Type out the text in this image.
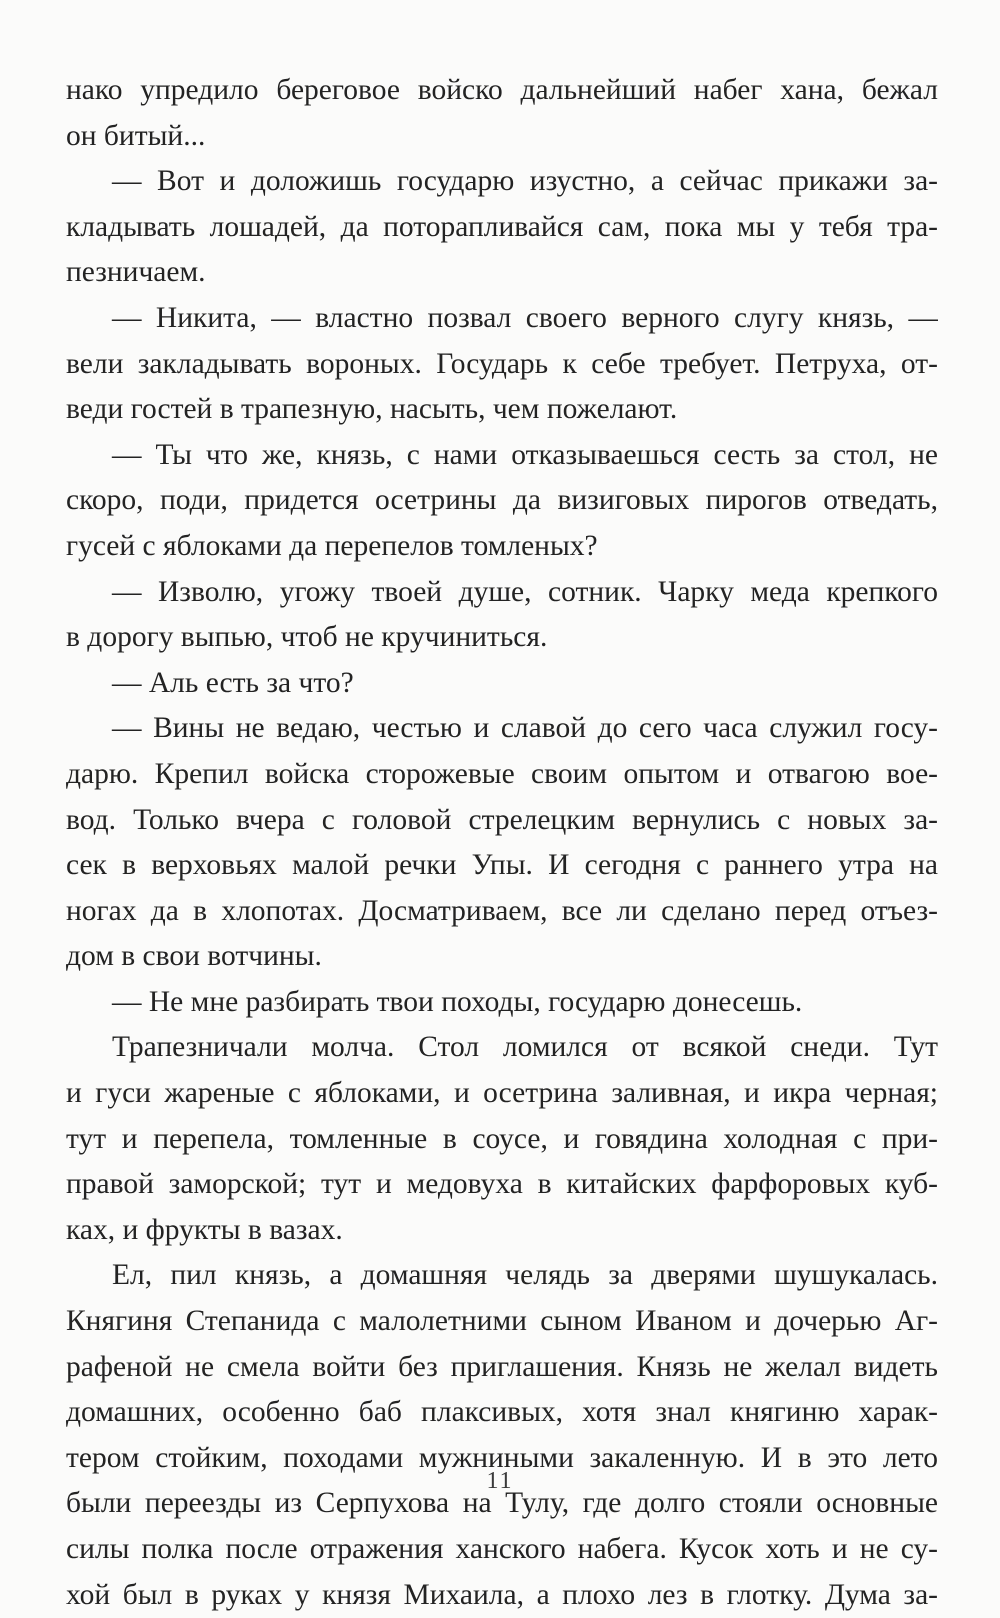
нако упредило береговое войско дальнейший набег хана, бежал
он битый...
— Вот и доложишь государю изустно, а сейчас прикажи за-
кладывать лошадей, да поторапливайся сам, пока мы у тебя тра-
пезничаем.
— Никита, — властно позвал своего верного слугу князь, —
вели закладывать вороных. Государь к себе требует. Петруха, от-
веди гостей в трапезную, насыть, чем пожелают.
— Ты что же, князь, с нами отказываешься сесть за стол, не
скоро, поди, придется осетрины да визиговых пирогов отведать,
гусей с яблоками да перепелов томленых?
— Изволю, угожу твоей душе, сотник. Чарку меда крепкого
в дорогу выпью, чтоб не кручиниться.
— Аль есть за что?
— Вины не ведаю, честью и славой до сего часа служил госу-
дарю. Крепил войска сторожевые своим опытом и отвагою вое-
вод. Только вчера с головой стрелецким вернулись с новых за-
сек в верховьях малой речки Упы. И сегодня с раннего утра на
ногах да в хлопотах. Досматриваем, все ли сделано перед отъез-
дом в свои вотчины.
— Не мне разбирать твои походы, государю донесешь.
Трапезничали молча. Стол ломился от всякой снеди. Тут
и гуси жареные с яблоками, и осетрина заливная, и икра черная;
тут и перепела, томленные в соусе, и говядина холодная с при-
правой заморской; тут и медовуха в китайских фарфоровых куб-
ках, и фрукты в вазах.
Ел, пил князь, а домашняя челядь за дверями шушукалась.
Княгиня Степанида с малолетними сыном Иваном и дочерью Аг-
рафеной не смела войти без приглашения. Князь не желал видеть
домашних, особенно баб плаксивых, хотя знал княгиню харак-
тером стойким, походами мужниными закаленную. И в это лето
были переезды из Серпухова на Тулу, где долго стояли основные
силы полка после отражения ханского набега. Кусок хоть и не су-
хой был в руках у князя Михаила, а плохо лез в глотку. Дума за-
11
